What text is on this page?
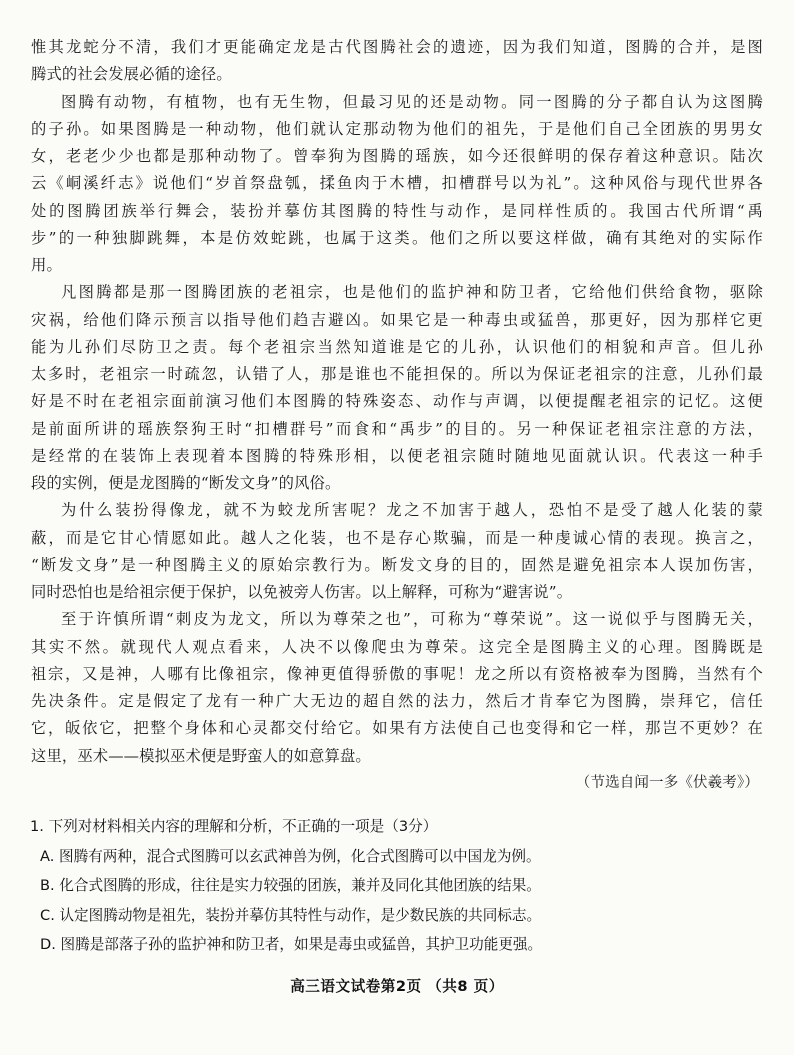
惟其龙蛇分不清，我们才更能确定龙是古代图腾社会的遗迹，因为我们知道，图腾的合并，是图
腾式的社会发展必循的途径。
图腾有动物，有植物，也有无生物，但最习见的还是动物。同一图腾的分子都自认为这图腾
的子孙。如果图腾是一种动物，他们就认定那动物为他们的祖先，于是他们自己全团族的男男女
女，老老少少也都是那种动物了。曾奉狗为图腾的瑶族，如今还很鲜明的保存着这种意识。陆次
云《峒溪纤志》说他们“岁首祭盘瓠，揉鱼肉于木槽，扣槽群号以为礼”。这种风俗与现代世界各
处的图腾团族举行舞会，装扮并摹仿其图腾的特性与动作，是同样性质的。我国古代所谓“禹
步”的一种独脚跳舞，本是仿效蛇跳，也属于这类。他们之所以要这样做，确有其绝对的实际作
用。
凡图腾都是那一图腾团族的老祖宗，也是他们的监护神和防卫者，它给他们供给食物，驱除
灾祸，给他们降示预言以指导他们趋吉避凶。如果它是一种毒虫或猛兽，那更好，因为那样它更
能为儿孙们尽防卫之责。每个老祖宗当然知道谁是它的儿孙，认识他们的相貌和声音。但儿孙
太多时，老祖宗一时疏忽，认错了人，那是谁也不能担保的。所以为保证老祖宗的注意，儿孙们最
好是不时在老祖宗面前演习他们本图腾的特殊姿态、动作与声调，以便提醒老祖宗的记忆。这便
是前面所讲的瑶族祭狗王时“扣槽群号”而食和“禹步”的目的。另一种保证老祖宗注意的方法，
是经常的在装饰上表现着本图腾的特殊形相，以便老祖宗随时随地见面就认识。代表这一种手
段的实例，便是龙图腾的“断发文身”的风俗。
为什么装扮得像龙，就不为蛟龙所害呢？龙之不加害于越人，恐怕不是受了越人化装的蒙
蔽，而是它甘心情愿如此。越人之化装，也不是存心欺骗，而是一种虔诚心情的表现。换言之，
“断发文身”是一种图腾主义的原始宗教行为。断发文身的目的，固然是避免祖宗本人误加伤害，
同时恐怕也是给祖宗便于保护，以免被旁人伤害。以上解释，可称为“避害说”。
至于许慎所谓“刺皮为龙文，所以为尊荣之也”，可称为“尊荣说”。这一说似乎与图腾无关，
其实不然。就现代人观点看来，人决不以像爬虫为尊荣。这完全是图腾主义的心理。图腾既是
祖宗，又是神，人哪有比像祖宗，像神更值得骄傲的事呢！龙之所以有资格被奉为图腾，当然有个
先决条件。定是假定了龙有一种广大无边的超自然的法力，然后才肯奉它为图腾，崇拜它，信任
它，皈依它，把整个身体和心灵都交付给它。如果有方法使自己也变得和它一样，那岂不更妙？在
这里，巫术——模拟巫术便是野蛮人的如意算盘。
（节选自闻一多《伏羲考》）
1. 下列对材料相关内容的理解和分析，不正确的一项是（3分）
A. 图腾有两种，混合式图腾可以玄武神兽为例，化合式图腾可以中国龙为例。
B. 化合式图腾的形成，往往是实力较强的团族，兼并及同化其他团族的结果。
C. 认定图腾动物是祖先，装扮并摹仿其特性与动作，是少数民族的共同标志。
D. 图腾是部落子孙的监护神和防卫者，如果是毒虫或猛兽，其护卫功能更强。
高三语文试卷第2页 （共8 页）
